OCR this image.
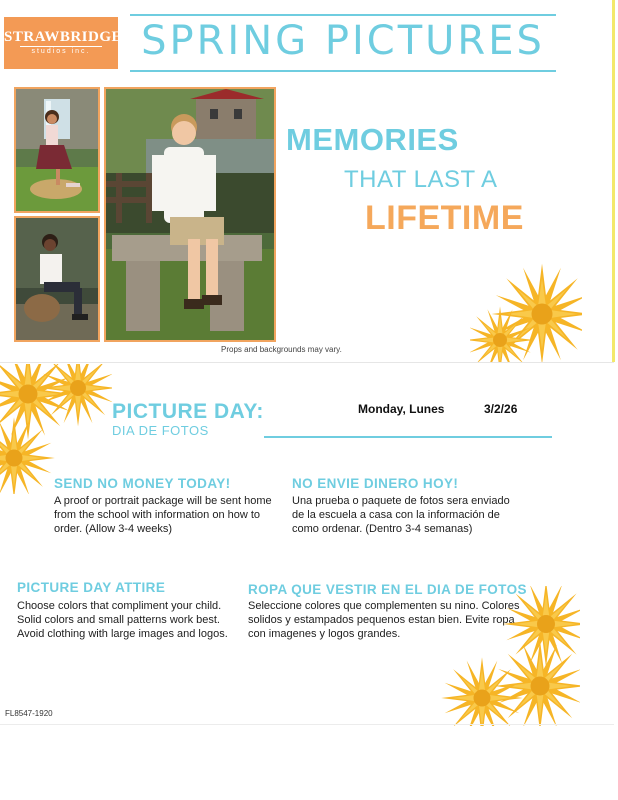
STRAWBRIDGE
studios inc.	SPRING PICTURES
MEMORIES
THAT LAST A
LIFETIME
Props and backgrounds may vary.
PICTURE DAY:
DIA DE FOTOS
Monday, Lunes	3/2/26
SEND NO MONEY TODAY!
A proof or portrait package will be sent home from the school with information on how to order. (Allow 3-4 weeks)
NO ENVIE DINERO HOY!
Una prueba o paquete de fotos sera enviado de la escuela a casa con la información de como ordenar. (Dentro 3-4 semanas)
PICTURE DAY ATTIRE
Choose colors that compliment your child. Solid colors and small patterns work best. Avoid clothing with large images and logos.
ROPA QUE VESTIR EN EL DIA DE FOTOS
Seleccione colores que complementen su nino. Colores solidos y estampados pequenos estan bien. Evite ropa con imagenes y logos grandes.
FL8547-1920
